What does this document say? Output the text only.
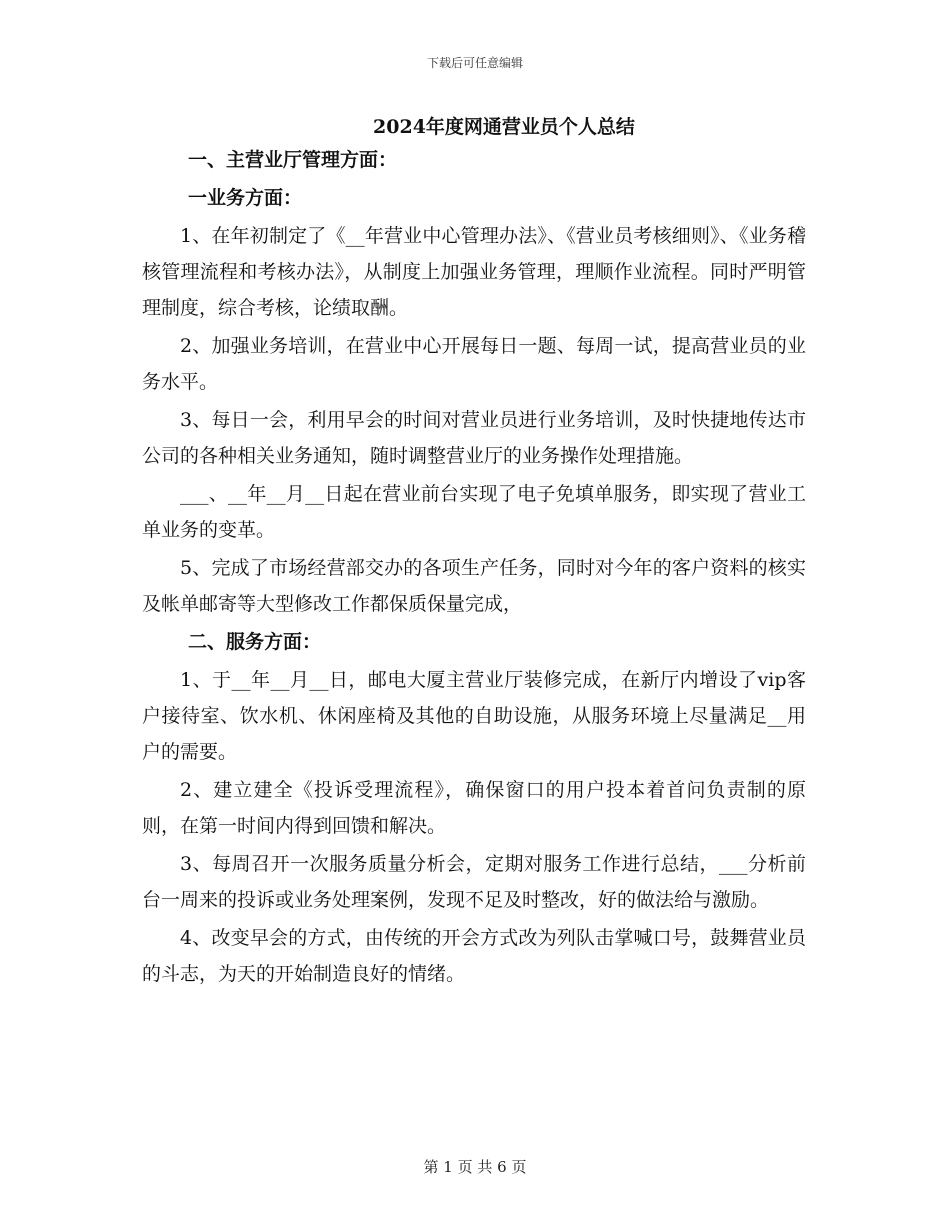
下载后可任意编辑
2024年度网通营业员个人总结
一、主营业厅管理方面：
一业务方面：

1、在年初制定了《__年营业中心管理办法》、《营业员考核细则》、《业务稽核管理流程和考核办法》，从制度上加强业务管理，理顺作业流程。同时严明管理制度，综合考核，论绩取酬。

2、加强业务培训，在营业中心开展每日一题、每周一试，提高营业员的业务水平。

3、每日一会，利用早会的时间对营业员进行业务培训，及时快捷地传达市公司的各种相关业务通知，随时调整营业厅的业务操作处理措施。

___、__年__月__日起在营业前台实现了电子免填单服务，即实现了营业工单业务的变革。

5、完成了市场经营部交办的各项生产任务，同时对今年的客户资料的核实及帐单邮寄等大型修改工作都保质保量完成，

二、服务方面：

1、于__年__月__日，邮电大厦主营业厅装修完成，在新厅内增设了vip客户接待室、饮水机、休闲座椅及其他的自助设施，从服务环境上尽量满足__用户的需要。

2、建立建全《投诉受理流程》，确保窗口的用户投本着首问负责制的原则，在第一时间内得到回馈和解决。

3、每周召开一次服务质量分析会，定期对服务工作进行总结，___分析前台一周来的投诉或业务处理案例，发现不足及时整改，好的做法给与激励。

4、改变早会的方式，由传统的开会方式改为列队击掌喊口号，鼓舞营业员的斗志，为天的开始制造良好的情绪。

第 1 页 共 6 页
